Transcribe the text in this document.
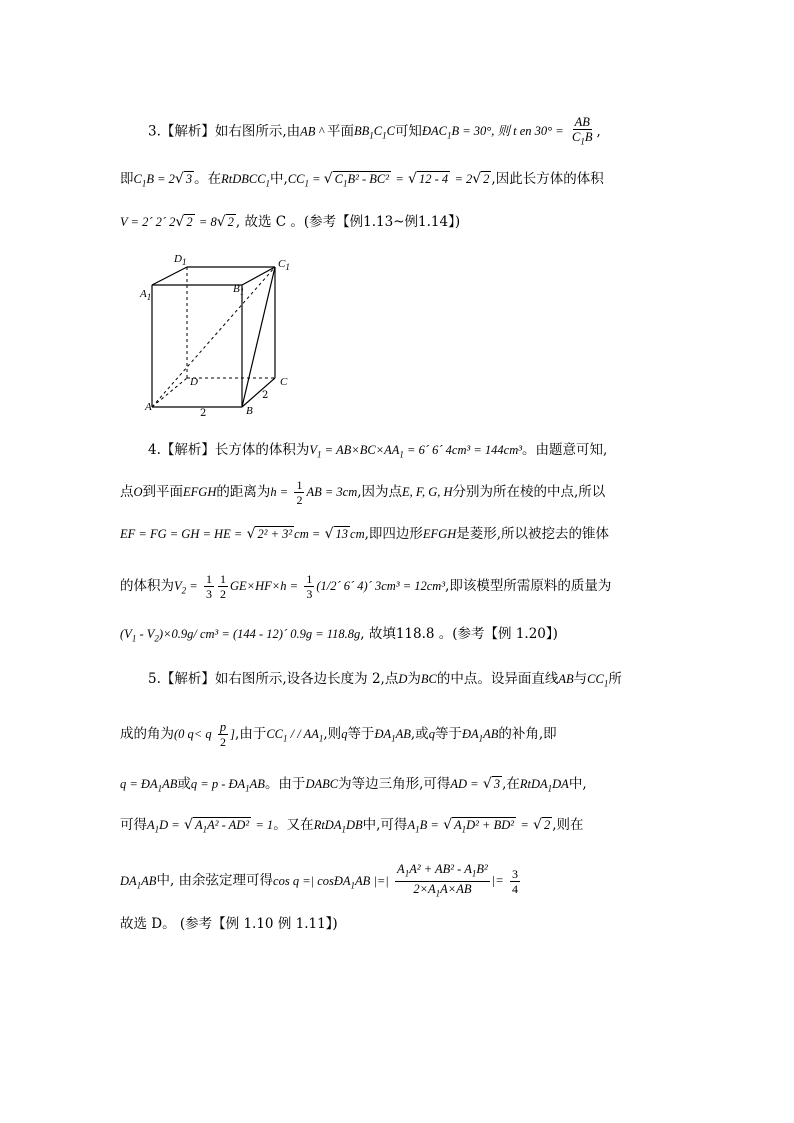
3.【解析】如右图所示,由AB ^ 平面$BB_1C_1C$可知$ÐAC_1B = 30^\circ$, 则 t en $30^\circ = \frac{AB}{C_1B}$ ,
即$C_1B = 2√$ 3 。在RtDBCC$_1$中$,CC_1$ = √ $C_1B^2 - BC^2$ = √ 12 - 4 = 2√ 2 ,因此长方体的体积
V = 2´ 2´ 2√ 2 = 8√ 2 , 故选 C 。(参考【例1.13~例1.14】)
$D_1$	$C_1$
$A_1$
$B_1$
D	C
A	B
2
2
4.【解析】长方体的体积为$V_1 = AB\times BC\times AA_1$ = 6´ 6´ 4cm³ = 144cm³。由题意可知,
点O到平面EFGH的距离为$h = \frac{1}{2}$ AB = 3cm,因为点E, F, G, H分别为所在棱的中点,所以
EF = FG = GH = HE = √ 2² + 3² cm = √ 13 cm,即四边形EFGH是菱形,所以被挖去的锥体
的体积为$V_2 = \frac{1}{3} \frac{1}{2} GE\times HF\times h = \frac{1}{3}$ (1/2´ 6´ 4)´ 3cm³ = 12cm³,即该模型所需原料的质量为
$(V_1 - V_2)\times 0.9g/$ cm³ = (144 - 12)´ 0.9g = 118.8g, 故填118.8 。(参考【例 1.20】)
5.【解析】如右图所示,设各边长度为 2,点D为BC的中点。设异面直线AB与$CC_1$所
成的角为(0 q< q $\frac{p}{2}$ ],由于$CC_1$ / / $AA_1$,则q等于$ÐA_1AB$,或q等于$ÐA_1AB$的补角,即
$q = ÐA_1AB$或$q = p - ÐA_1AB$。由于DABC为等边三角形,可得AD = √ 3 ,在RtDA$_1$DA中,
可得$A_1D$ = √ $A_1A^2 - AD^2 = 1$。又在RtDA$_1$DB中,可得$A_1B$ = √ $A_1D^2 + BD^2$ = √ 2 ,则在
$DA_1AB$中, 由余弦定理可得cos q =| cosÐA$_1$AB |=| $\frac{A_1A^2 + AB^2 - A_1B^2}{2\times A_1A\times AB}$ |= $\frac{3}{4}$
故选 D。 (参考【例 1.10 例 1.11】)
